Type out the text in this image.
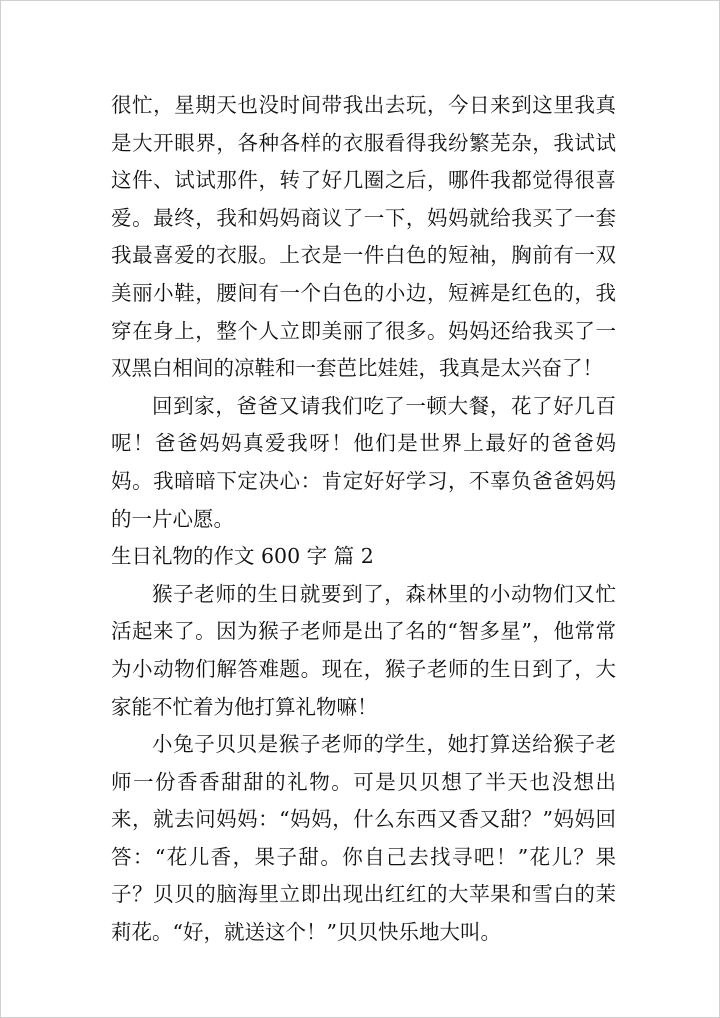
很忙，星期天也没时间带我出去玩，今日来到这里我真是大开眼界，各种各样的衣服看得我纷繁芜杂，我试试这件、试试那件，转了好几圈之后，哪件我都觉得很喜爱。最终，我和妈妈商议了一下，妈妈就给我买了一套我最喜爱的衣服。上衣是一件白色的短袖，胸前有一双美丽小鞋，腰间有一个白色的小边，短裤是红色的，我穿在身上，整个人立即美丽了很多。妈妈还给我买了一双黑白相间的凉鞋和一套芭比娃娃，我真是太兴奋了！

回到家，爸爸又请我们吃了一顿大餐，花了好几百呢！爸爸妈妈真爱我呀！他们是世界上最好的爸爸妈妈。我暗暗下定决心：肯定好好学习，不辜负爸爸妈妈的一片心愿。

生日礼物的作文 600 字 篇 2

猴子老师的生日就要到了，森林里的小动物们又忙活起来了。因为猴子老师是出了名的“智多星”，他常常为小动物们解答难题。现在，猴子老师的生日到了，大家能不忙着为他打算礼物嘛！

小兔子贝贝是猴子老师的学生，她打算送给猴子老师一份香香甜甜的礼物。可是贝贝想了半天也没想出来，就去问妈妈：“妈妈，什么东西又香又甜？”妈妈回答：“花儿香，果子甜。你自己去找寻吧！”花儿？果子？贝贝的脑海里立即出现出红红的大苹果和雪白的茉莉花。“好，就送这个！”贝贝快乐地大叫。
